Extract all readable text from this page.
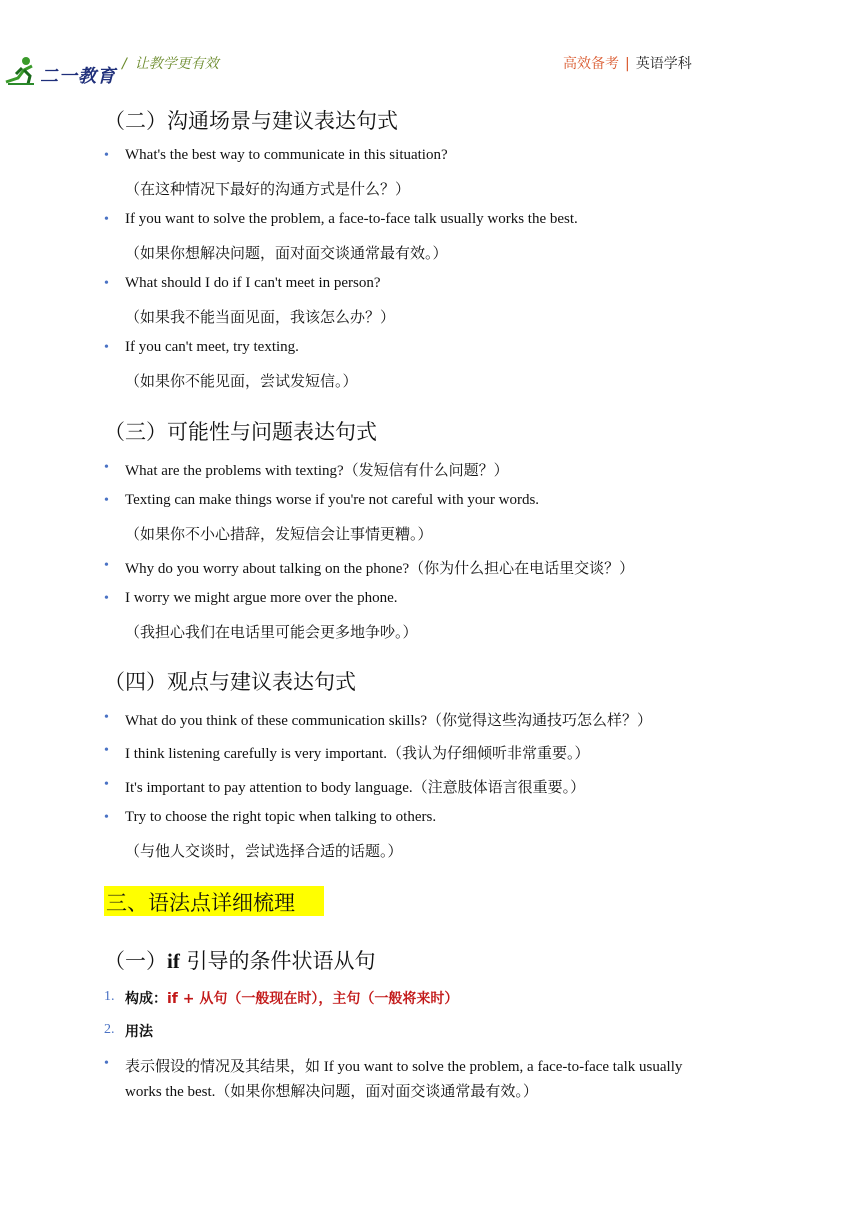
二一教育
/ 让教学更有效	高效备考 | 英语学科
（二）沟通场景与建议表达句式
•	What's the best way to communicate in this situation?
（在这种情况下最好的沟通方式是什么？）
•	If you want to solve the problem, a face-to-face talk usually works the best.
（如果你想解决问题，面对面交谈通常最有效。）
•	What should I do if I can't meet in person?
（如果我不能当面见面，我该怎么办？）
•	If you can't meet, try texting.
（如果你不能见面，尝试发短信。）
（三）可能性与问题表达句式
•	What are the problems with texting?（发短信有什么问题？）
•	Texting can make things worse if you're not careful with your words.
（如果你不小心措辞，发短信会让事情更糟。）
•	Why do you worry about talking on the phone?（你为什么担心在电话里交谈？）
•	I worry we might argue more over the phone.
（我担心我们在电话里可能会更多地争吵。）
（四）观点与建议表达句式
•	What do you think of these communication skills?（你觉得这些沟通技巧怎么样？）
•	I think listening carefully is very important.（我认为仔细倾听非常重要。）
•	It's important to pay attention to body language.（注意肢体语言很重要。）
•	Try to choose the right topic when talking to others.
（与他人交谈时，尝试选择合适的话题。）
三、语法点详细梳理
（一）if 引导的条件状语从句
1. 构成：if + 从句（一般现在时），主句（一般将来时）
2. 用法
•	表示假设的情况及其结果，如 If you want to solve the problem, a face-to-face talk usually
works the best.（如果你想解决问题，面对面交谈通常最有效。）
